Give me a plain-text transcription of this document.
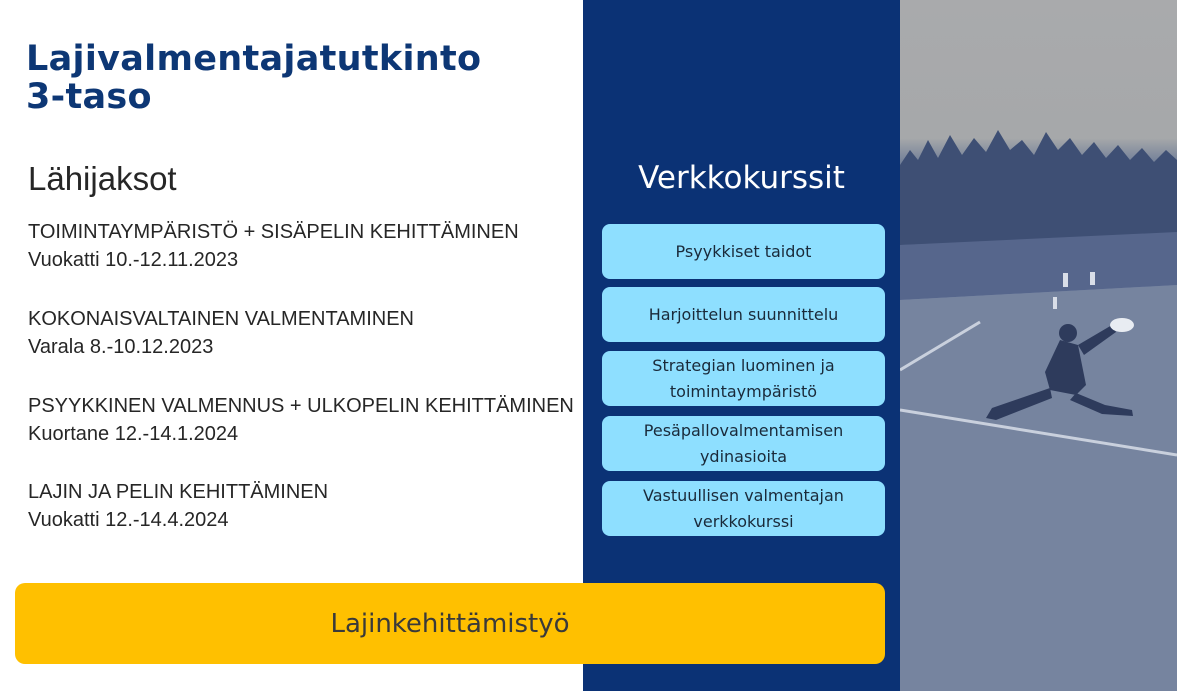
Lajivalmentajatutkinto
3-taso
Lähijaksot
TOIMINTAYMPÄRISTÖ + SISÄPELIN KEHITTÄMINEN
Vuokatti 10.-12.11.2023
KOKONAISVALTAINEN VALMENTAMINEN
Varala 8.-10.12.2023
PSYYKKINEN VALMENNUS + ULKOPELIN KEHITTÄMINEN
Kuortane 12.-14.1.2024
LAJIN JA PELIN KEHITTÄMINEN
Vuokatti 12.-14.4.2024
Verkkokurssit
Psyykkiset taidot
Harjoittelun suunnittelu
Strategian luominen ja toimintaympäristö
Pesäpallovalmentamisen ydinasioita
Vastuullisen valmentajan verkkokurssi
Lajinkehittämistyö
